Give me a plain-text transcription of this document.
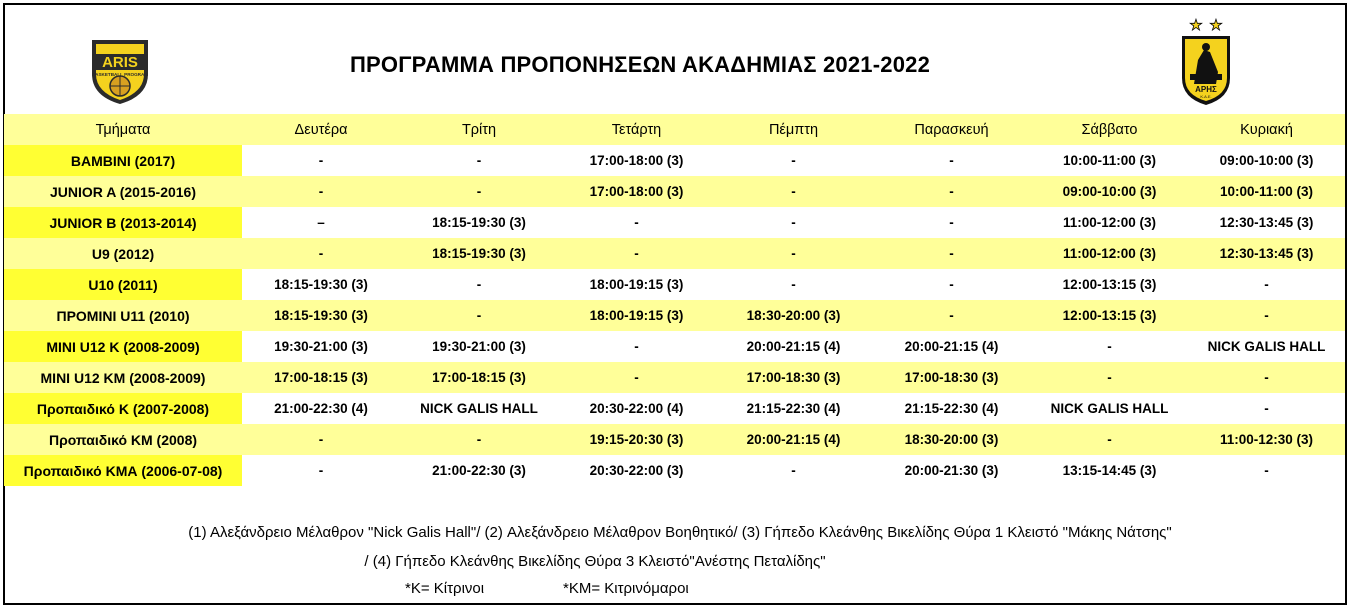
ARIS
BASKETBALL PROGRAM
★ ★
ΑΡΗΣ
Κ.Α.Ε.
ΠΡΟΓΡΑΜΜΑ ΠΡΟΠΟΝΗΣΕΩΝ ΑΚΑΔΗΜΙΑΣ 2021-2022
Τμήματα	Δευτέρα	Τρίτη	Τετάρτη	Πέμπτη	Παρασκευή	Σάββατο	Κυριακή
BAMBINI (2017)	-	-	17:00-18:00 (3)	-	-	10:00-11:00 (3)	09:00-10:00 (3)
JUNIOR A (2015-2016)	-	-	17:00-18:00 (3)	-	-	09:00-10:00 (3)	10:00-11:00 (3)
JUNIOR B (2013-2014)	–	18:15-19:30 (3)	-	-	-	11:00-12:00 (3)	12:30-13:45 (3)
U9 (2012)	-	18:15-19:30 (3)	-	-	-	11:00-12:00 (3)	12:30-13:45 (3)
U10 (2011)	18:15-19:30 (3)	-	18:00-19:15 (3)	-	-	12:00-13:15 (3)	-
ΠΡΟΜΙΝΙ U11 (2010)	18:15-19:30 (3)	-	18:00-19:15 (3)	18:30-20:00 (3)	-	12:00-13:15 (3)	-
MINI U12 K (2008-2009)	19:30-21:00 (3)	19:30-21:00 (3)	-	20:00-21:15 (4)	20:00-21:15 (4)	-	NICK GALIS HALL
MINI U12 KM (2008-2009)	17:00-18:15 (3)	17:00-18:15 (3)	-	17:00-18:30 (3)	17:00-18:30 (3)	-	-
Προπαιδικό Κ (2007-2008)	21:00-22:30 (4)	NICK GALIS HALL	20:30-22:00 (4)	21:15-22:30 (4)	21:15-22:30 (4)	NICK GALIS HALL	-
Προπαιδικό ΚΜ (2008)	-	-	19:15-20:30 (3)	20:00-21:15 (4)	18:30-20:00 (3)	-	11:00-12:30 (3)
Προπαιδικό ΚΜΑ (2006-07-08)	-	21:00-22:30 (3)	20:30-22:00 (3)	-	20:00-21:30 (3)	13:15-14:45 (3)	-
(1) Αλεξάνδρειο Μέλαθρον "Nick Galis Hall"/ (2) Αλεξάνδρειο Μέλαθρον Βοηθητικό/ (3) Γήπεδο Κλεάνθης Βικελίδης Θύρα 1 Κλειστό "Μάκης Νάτσης"
/ (4) Γήπεδο Κλεάνθης Βικελίδης Θύρα 3 Κλειστό"Ανέστης Πεταλίδης"
*Κ= Κίτρινοι	*ΚΜ= Κιτρινόμαροι
